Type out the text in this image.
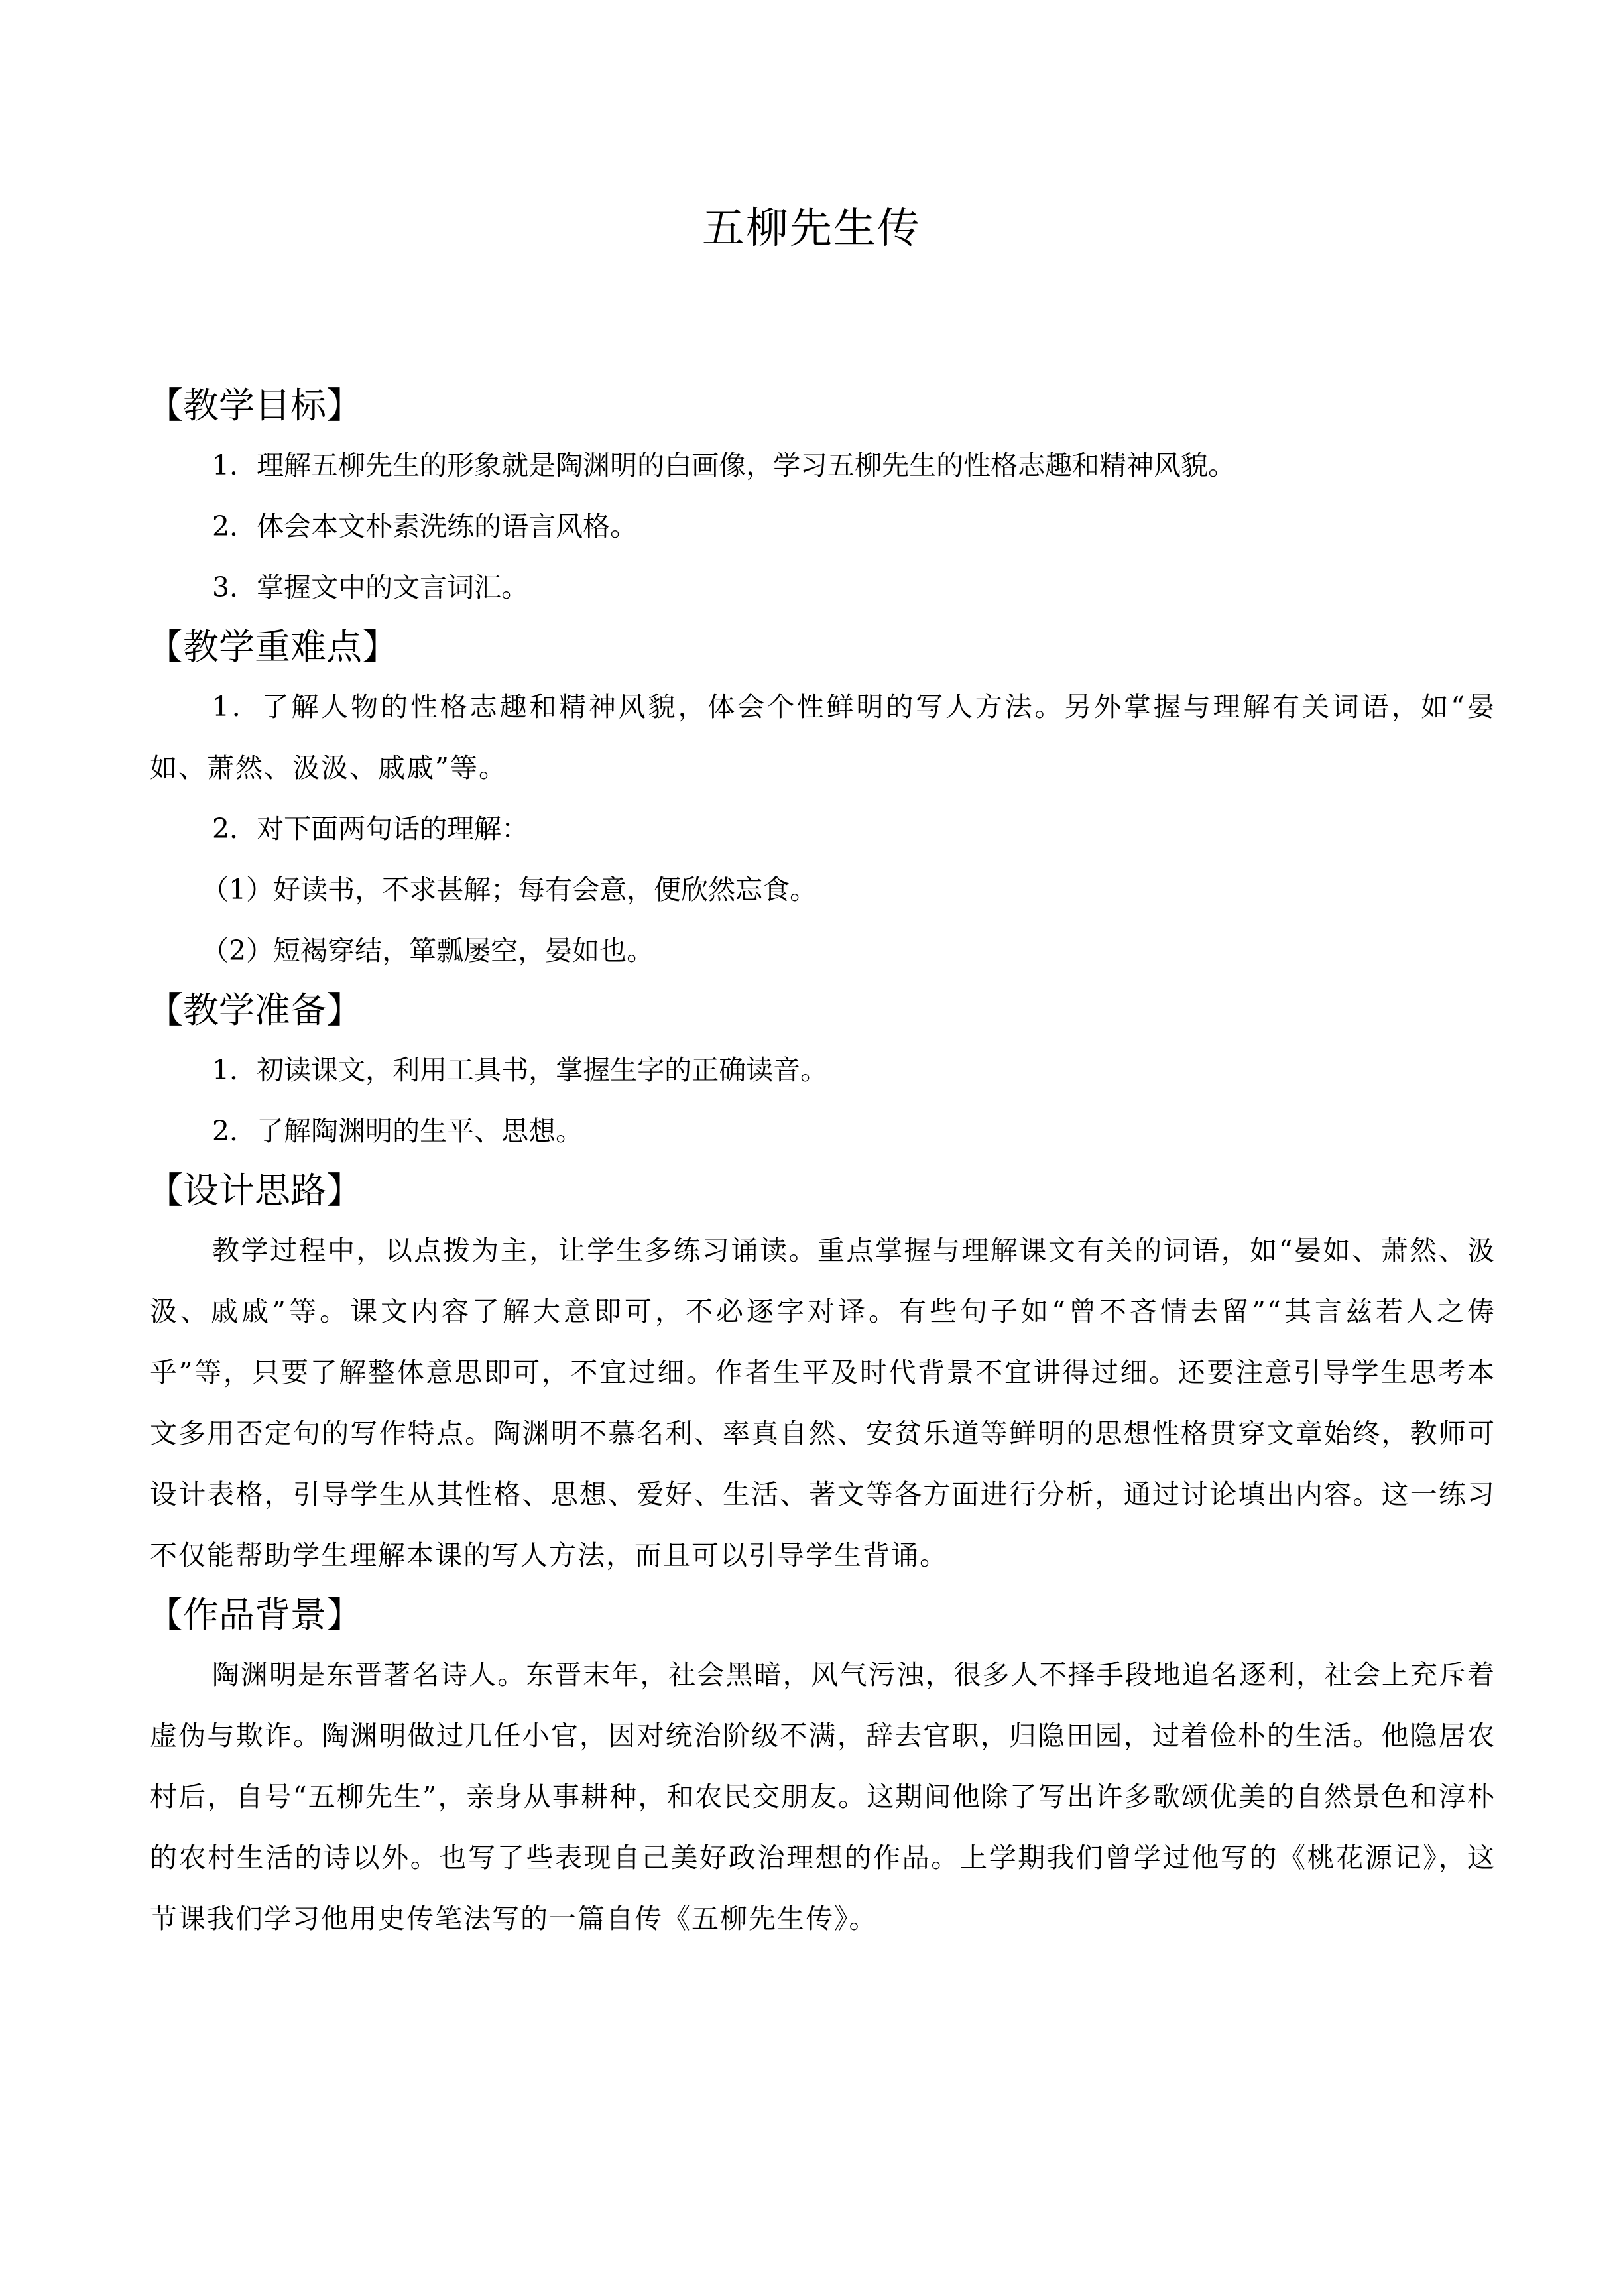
五柳先生传
【教学目标】
1．理解五柳先生的形象就是陶渊明的白画像，学习五柳先生的性格志趣和精神风貌。
2．体会本文朴素洗练的语言风格。
3．掌握文中的文言词汇。
【教学重难点】
1．了解人物的性格志趣和精神风貌，体会个性鲜明的写人方法。另外掌握与理解有关词语，如“晏如、萧然、汲汲、戚戚”等。
2．对下面两句话的理解：
（1）好读书，不求甚解；每有会意，便欣然忘食。
（2）短褐穿结，箪瓢屡空，晏如也。
【教学准备】
1．初读课文，利用工具书，掌握生字的正确读音。
2．了解陶渊明的生平、思想。
【设计思路】

教学过程中，以点拨为主，让学生多练习诵读。重点掌握与理解课文有关的词语，如“晏如、萧然、汲汲、戚戚”等。课文内容了解大意即可，不必逐字对译。有些句子如“曾不吝情去留”“其言兹若人之俦乎”等，只要了解整体意思即可，不宜过细。作者生平及时代背景不宜讲得过细。还要注意引导学生思考本文多用否定句的写作特点。陶渊明不慕名利、率真自然、安贫乐道等鲜明的思想性格贯穿文章始终，教师可设计表格，引导学生从其性格、思想、爱好、生活、著文等各方面进行分析，通过讨论填出内容。这一练习不仅能帮助学生理解本课的写人方法，而且可以引导学生背诵。

【作品背景】

陶渊明是东晋著名诗人。东晋末年，社会黑暗，风气污浊，很多人不择手段地追名逐利，社会上充斥着虚伪与欺诈。陶渊明做过几任小官，因对统治阶级不满，辞去官职，归隐田园，过着俭朴的生活。他隐居农村后，自号“五柳先生”，亲身从事耕种，和农民交朋友。这期间他除了写出许多歌颂优美的自然景色和淳朴的农村生活的诗以外。也写了些表现自己美好政治理想的作品。上学期我们曾学过他写的《桃花源记》，这节课我们学习他用史传笔法写的一篇自传《五柳先生传》。
